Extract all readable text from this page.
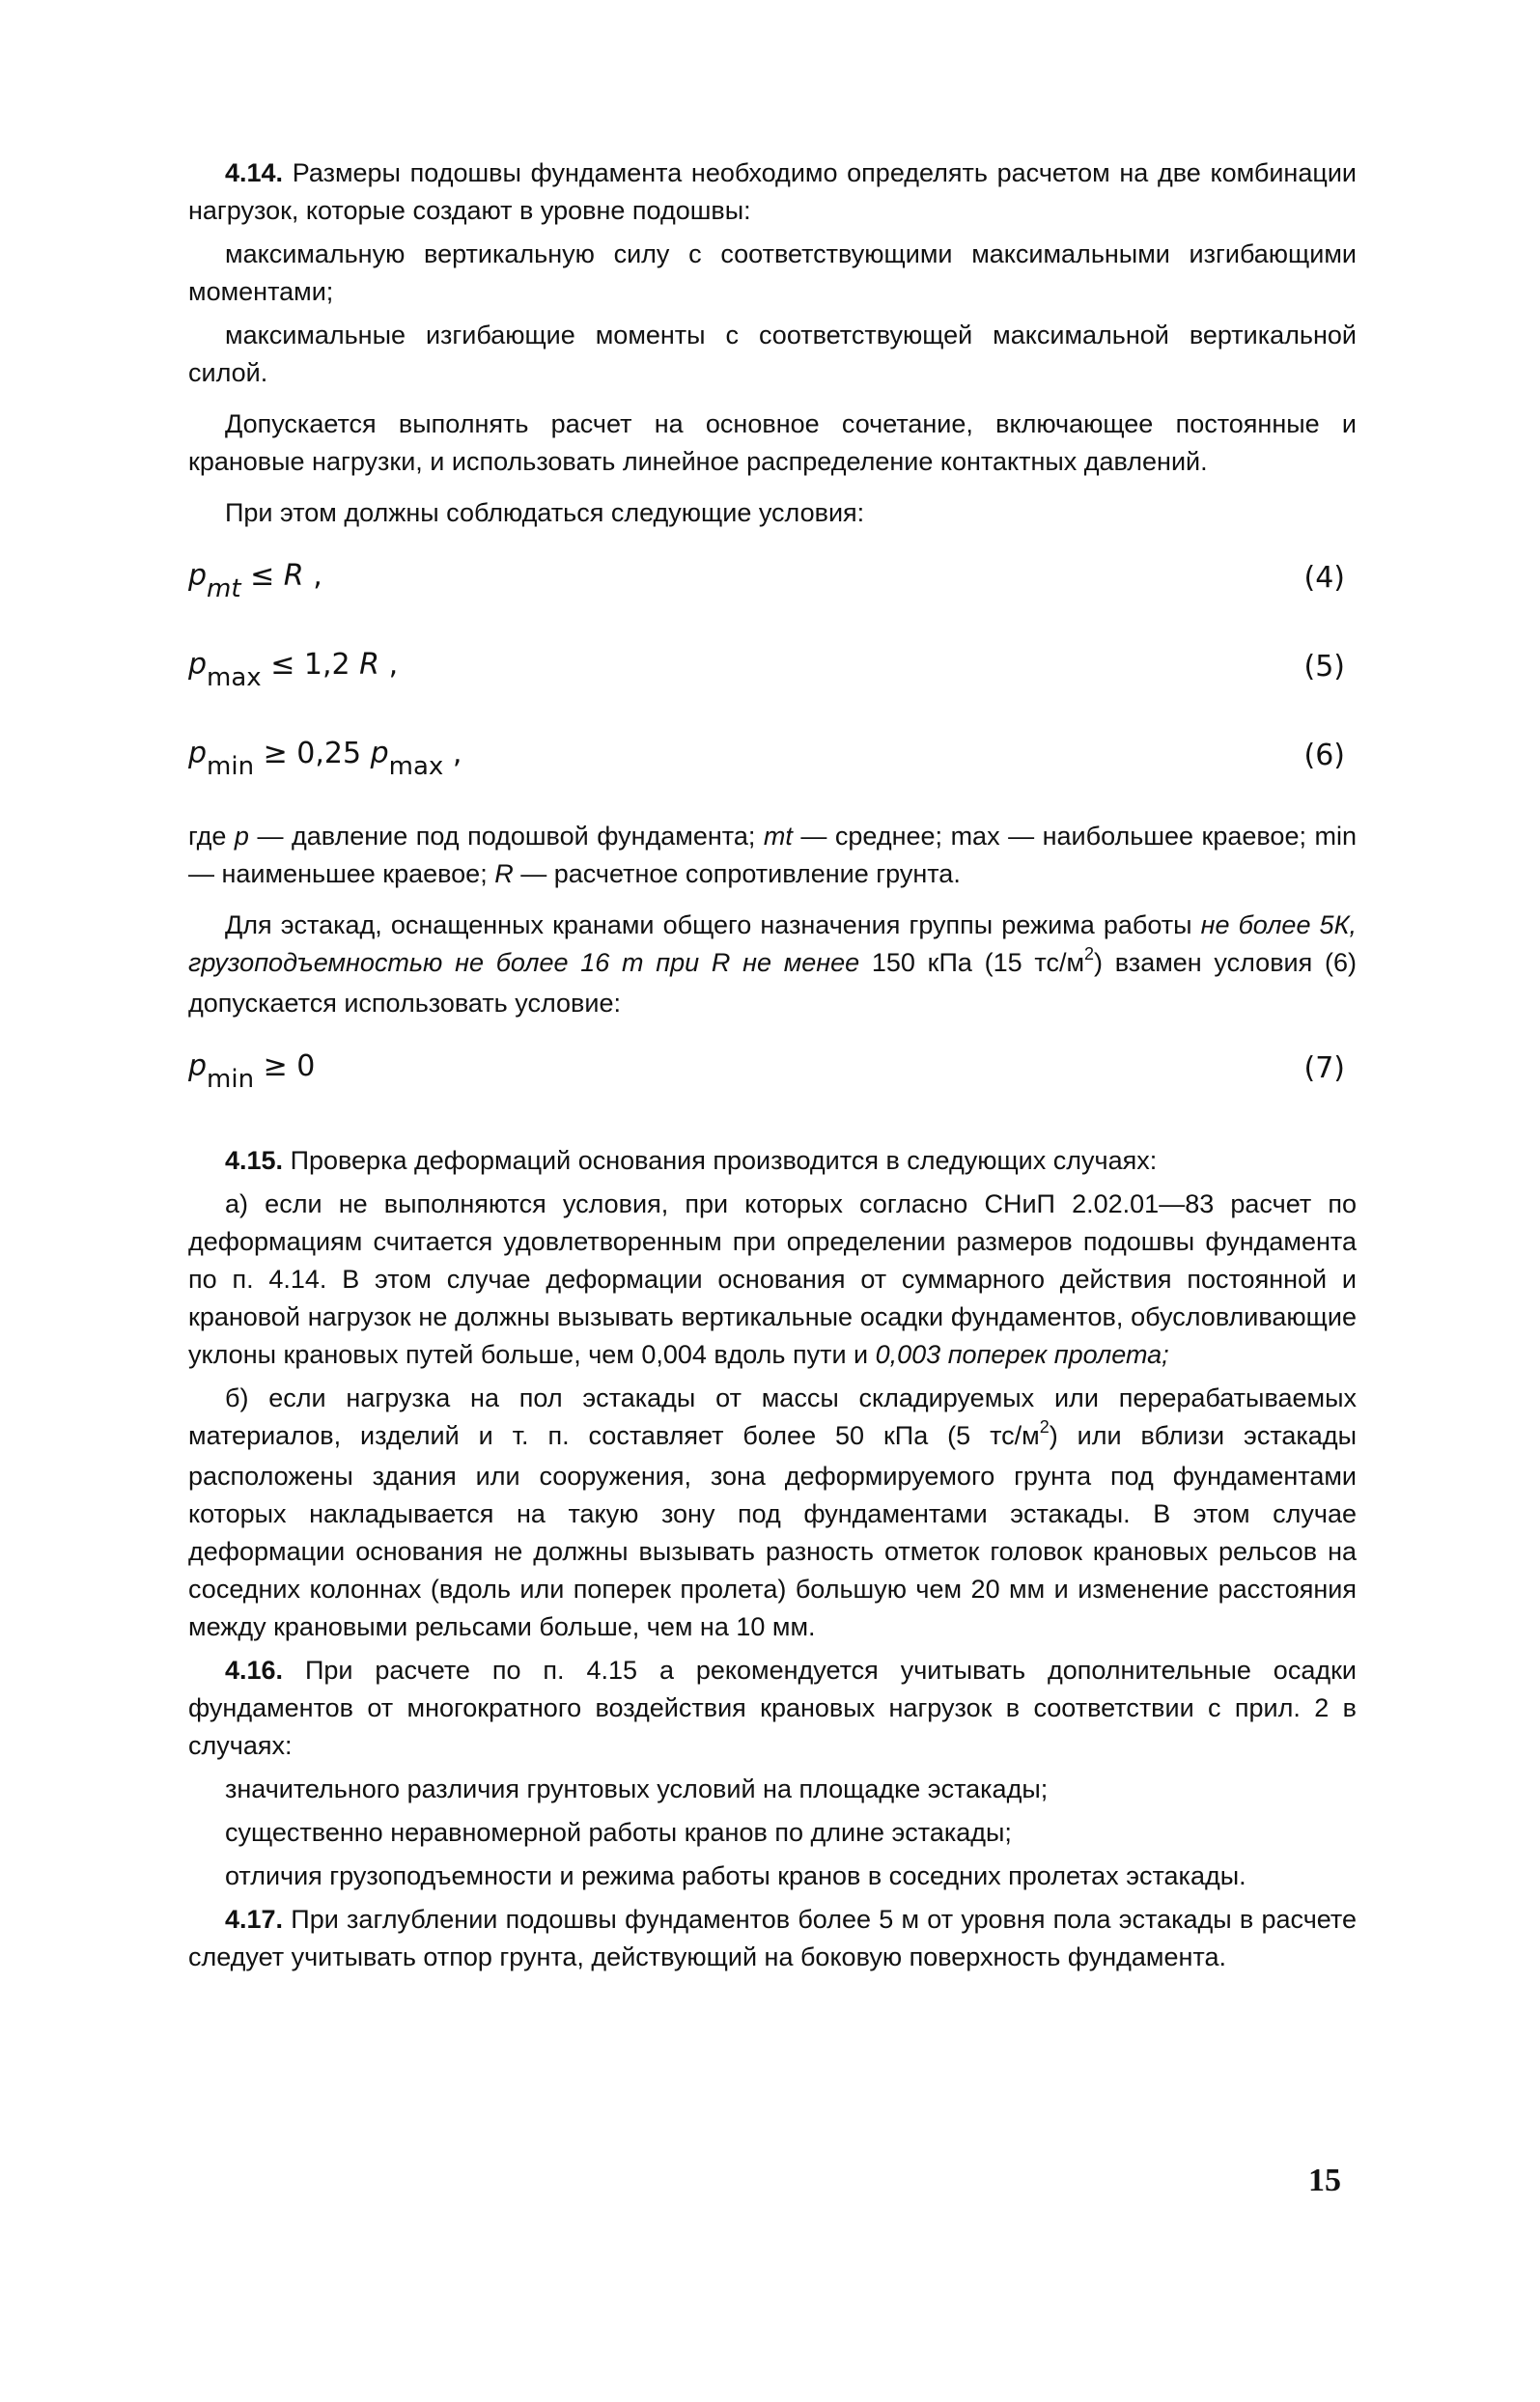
4.14. Размеры подошвы фундамента необходимо определять расчетом на две комбинации нагрузок, которые создают в уровне подошвы:

максимальную вертикальную силу с соответствующими максимальными изгибающими моментами;

максимальные изгибающие моменты с соответствующей максимальной вертикальной силой.

Допускается выполнять расчет на основное сочетание, включающее постоянные и крановые нагрузки, и использовать линейное распределение контактных давлений.

При этом должны соблюдаться следующие условия:

pmt ≤ R ,	(4)
pmax ≤ 1,2 R ,	(5)
pmin ≥ 0,25 pmax ,	(6)

где p — давление под подошвой фундамента; mt — среднее; max — наибольшее краевое; min — наименьшее краевое; R — расчетное сопротивление грунта.

Для эстакад, оснащенных кранами общего назначения группы режима работы не более 5К, грузоподъемностью не более 16 т при R не менее 150 кПа (15 $тс/м^2$) взамен условия (6) допускается использовать условие:

pmin ≥ 0	(7)

4.15. Проверка деформаций основания производится в следующих случаях:

а) если не выполняются условия, при которых согласно СНиП 2.02.01—83 расчет по деформациям считается удовлетворенным при определении размеров подошвы фундамента по п. 4.14. В этом случае деформации основания от суммарного действия постоянной и крановой нагрузок не должны вызывать вертикальные осадки фундаментов, обусловливающие уклоны крановых путей больше, чем 0,004 вдоль пути и 0,003 поперек пролета;

б) если нагрузка на пол эстакады от массы складируемых или перерабатываемых материалов, изделий и т. п. составляет более 50 кПа (5 $тс/м^2$) или вблизи эстакады расположены здания или сооружения, зона деформируемого грунта под фундаментами которых накладывается на такую зону под фундаментами эстакады. В этом случае деформации основания не должны вызывать разность отметок головок крановых рельсов на соседних колоннах (вдоль или поперек пролета) большую чем 20 мм и изменение расстояния между крановыми рельсами больше, чем на 10 мм.

4.16. При расчете по п. 4.15 а рекомендуется учитывать дополнительные осадки фундаментов от многократного воздействия крановых нагрузок в соответствии с прил. 2 в случаях:

значительного различия грунтовых условий на площадке эстакады;

существенно неравномерной работы кранов по длине эстакады;

отличия грузоподъемности и режима работы кранов в соседних пролетах эстакады.

4.17. При заглублении подошвы фундаментов более 5 м от уровня пола эстакады в расчете следует учитывать отпор грунта, действующий на боковую поверхность фундамента.

15
